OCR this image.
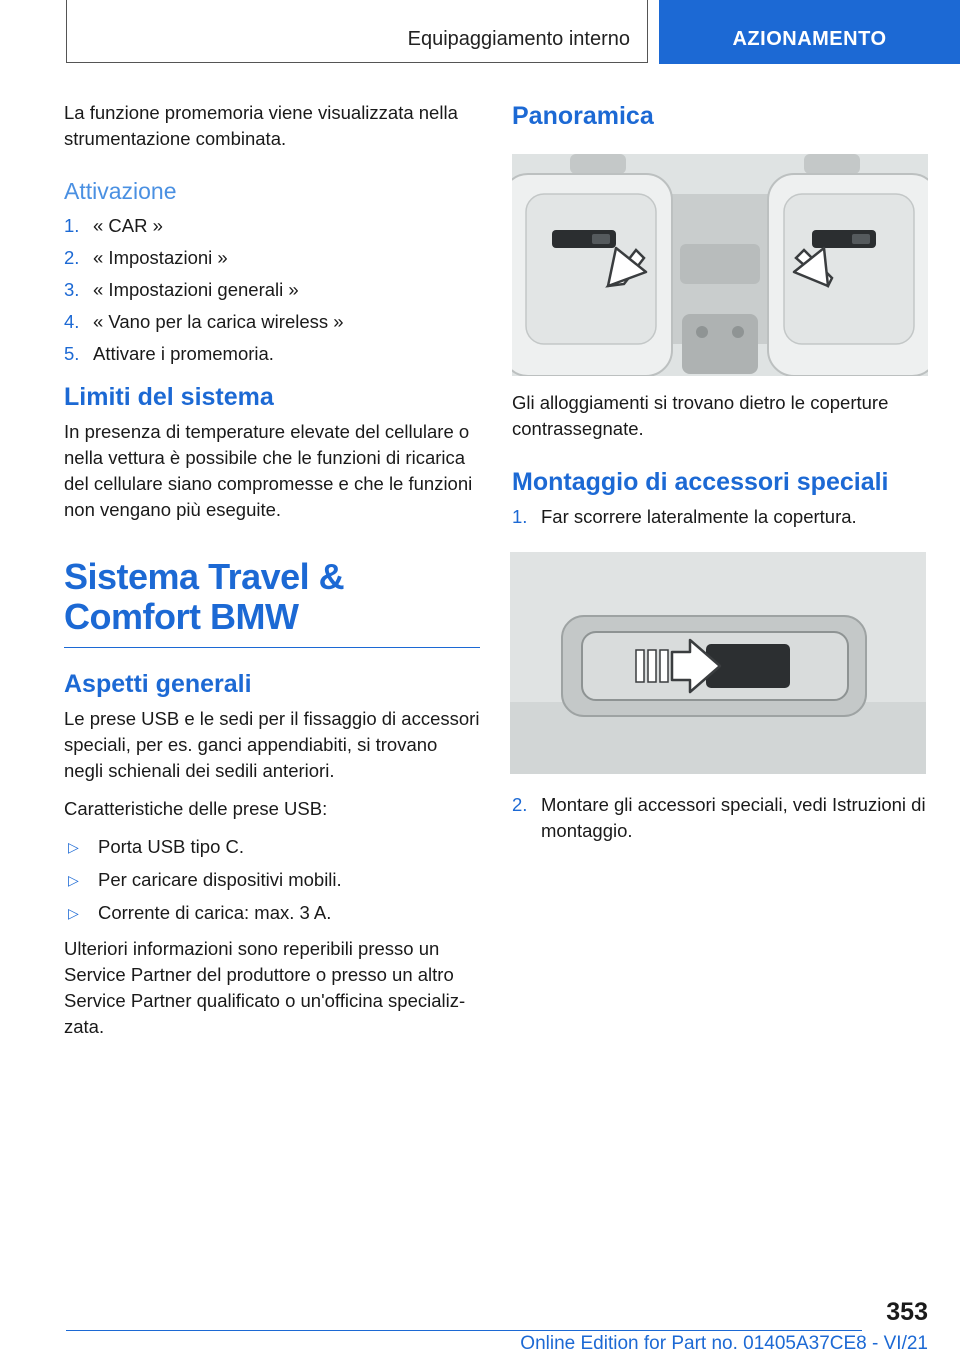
Equipaggiamento interno	AZIONAMENTO

La funzione promemoria viene visualizzata nella strumentazione combinata.

Attivazione
1. « CAR »
2. « Impostazioni »
3. « Impostazioni generali »
4. « Vano per la carica wireless »
5. Attivare i promemoria.
Limiti del sistema

In presenza di temperature elevate del cellulare o nella vettura è possibile che le funzioni di ricarica del cellulare siano compromesse e che le funzioni non vengano più eseguite.

Sistema Travel & Comfort BMW
Aspetti generali

Le prese USB e le sedi per il fissaggio di accessori speciali, per es. ganci appendiabiti, si trovano negli schienali dei sedili anteriori.

Caratteristiche delle prese USB:

▷	Porta USB tipo C.
▷	Per caricare dispositivi mobili.
▷	Corrente di carica: max. 3 A.

Ulteriori informazioni sono reperibili presso un Service Partner del produttore o presso un altro Service Partner qualificato o un'officina specializzata.

Panoramica

Gli alloggiamenti si trovano dietro le coperture contrassegnate.

Montaggio di accessori speciali
1. Far scorrere lateralmente la copertura.
2. Montare gli accessori speciali, vedi Istruzioni di montaggio.
353
Online Edition for Part no. 01405A37CE8 - VI/21
